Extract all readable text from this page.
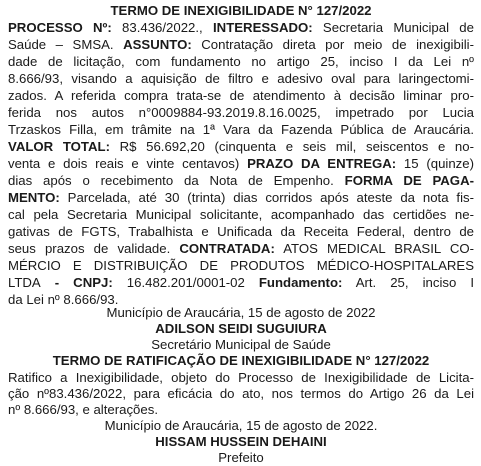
TERMO DE INEXIGIBILIDADE N° 127/2022
PROCESSO Nº: 83.436/2022., INTERESSADO: Secretaria Municipal de
Saúde – SMSA. ASSUNTO: Contratação direta por meio de inexigibili-
dade de licitação, com fundamento no artigo 25, inciso I da Lei nº
8.666/93, visando a aquisição de filtro e adesivo oval para laringectomi-
zados. A referida compra trata-se de atendimento à decisão liminar pro-
ferida nos autos n°0009884-93.2019.8.16.0025, impetrado por Lucia
Trzaskos Filla, em trâmite na 1ª Vara da Fazenda Pública de Araucária.
VALOR TOTAL: R$ 56.692,20 (cinquenta e seis mil, seiscentos e no-
venta e dois reais e vinte centavos) PRAZO DA ENTREGA: 15 (quinze)
dias após o recebimento da Nota de Empenho. FORMA DE PAGA-
MENTO: Parcelada, até 30 (trinta) dias corridos após ateste da nota fis-
cal pela Secretaria Municipal solicitante, acompanhado das certidões ne-
gativas de FGTS, Trabalhista e Unificada da Receita Federal, dentro de
seus prazos de validade. CONTRATADA: ATOS MEDICAL BRASIL CO-
MÉRCIO E DISTRIBUIÇÃO DE PRODUTOS MÉDICO-HOSPITALARES
LTDA - CNPJ: 16.482.201/0001-02 Fundamento: Art. 25, inciso I
da Lei nº 8.666/93.
Município de Araucária, 15 de agosto de 2022
ADILSON SEIDI SUGUIURA
Secretário Municipal de Saúde
TERMO DE RATIFICAÇÃO DE INEXIGIBILIDADE N° 127/2022
Ratifico a Inexigibilidade, objeto do Processo de Inexigibilidade de Licita-
ção nº83.436/2022, para eficácia do ato, nos termos do Artigo 26 da Lei
nº 8.666/93, e alterações.
Município de Araucária, 15 de agosto de 2022.
HISSAM HUSSEIN DEHAINI
Prefeito
